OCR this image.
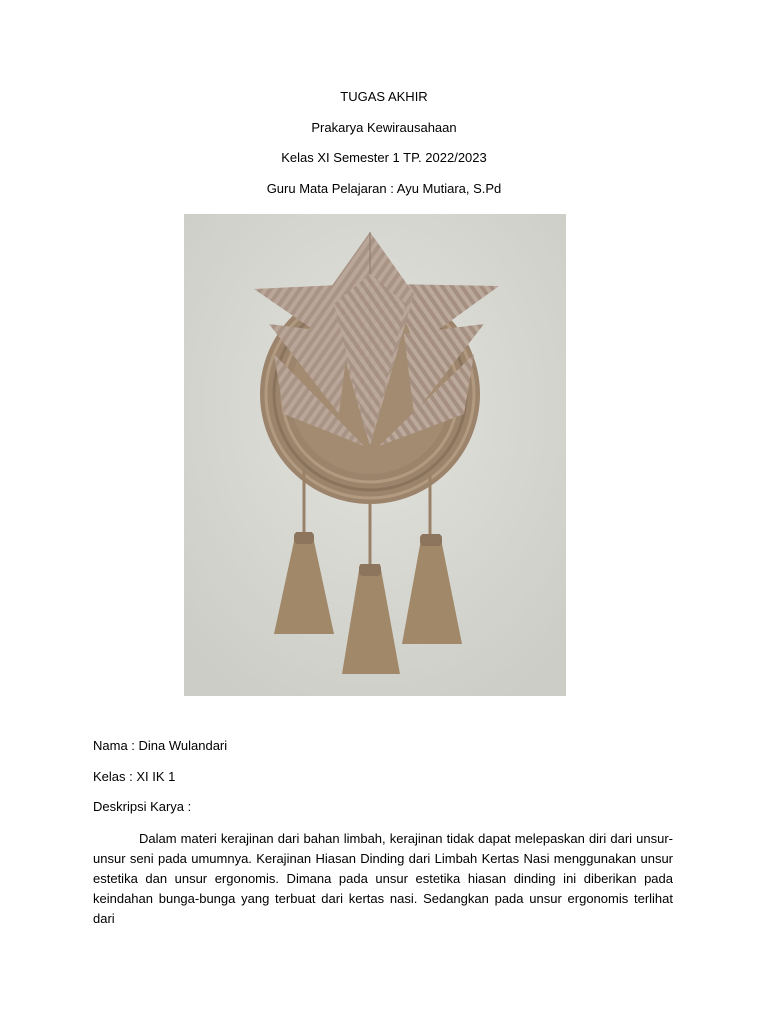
TUGAS AKHIR
Prakarya Kewirausahaan
Kelas XI Semester 1 TP. 2022/2023
Guru Mata Pelajaran : Ayu Mutiara, S.Pd
Nama : Dina Wulandari
Kelas : XI IK 1
Deskripsi Karya :
Dalam materi kerajinan dari bahan limbah, kerajinan tidak dapat melepaskan diri dari unsur-unsur seni pada umumnya. Kerajinan Hiasan Dinding dari Limbah Kertas Nasi menggunakan unsur estetika dan unsur ergonomis. Dimana pada unsur estetika hiasan dinding ini diberikan pada keindahan bunga-bunga yang terbuat dari kertas nasi. Sedangkan pada unsur ergonomis terlihat dari
